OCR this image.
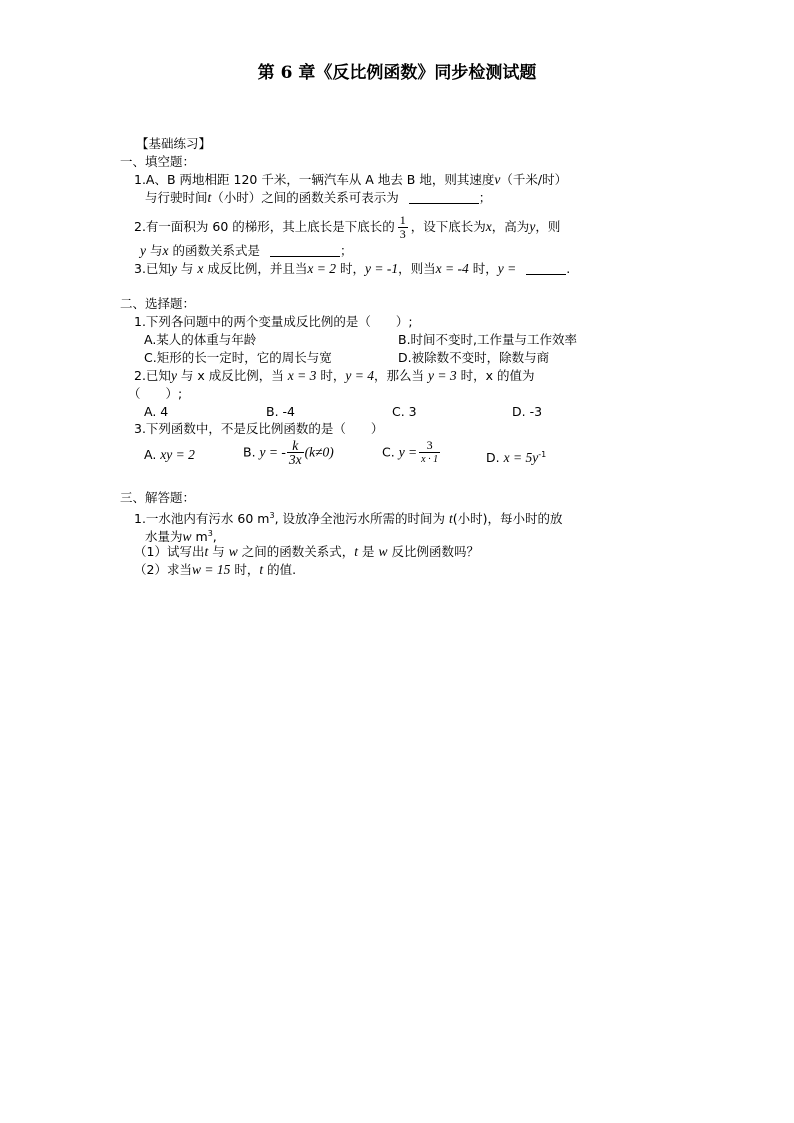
第 6 章《反比例函数》同步检测试题
【基础练习】
一、填空题：
1.A、B 两地相距 120 千米，一辆汽车从 A 地去 B 地，则其速度v（千米/时）
与行驶时间t（小时）之间的函数关系可表示为	；
2.有一面积为 60 的梯形，其上底长是下底长的 $\frac{1}{3}$ ，设下底长为x，高为y，则
y 与x 的函数关系式是	；
3.已知y 与 x 成反比例，并且当x = 2 时，y = -1，则当x = -4 时，y =	.
二、选择题：
1.下列各问题中的两个变量成反比例的是（　　）;
A.某人的体重与年龄	B.时间不变时,工作量与工作效率
C.矩形的长一定时，它的周长与宽	D.被除数不变时，除数与商
2.已知y 与 x 成反比例，当 x = 3 时，y = 4，那么当 y = 3 时，x 的值为
（　　）;
A. 4	B. -4	C. 3	D. -3
3.下列函数中，不是反比例函数的是（　　）
A. xy = 2	B. y = - $\frac{k}{3x} (k\ne 0)$	C. $y = \frac{3}{x \cdot 1}$	D. $x = 5y^{-1}$
三、解答题：
1.一水池内有污水 60 $m^3$, 设放净全池污水所需的时间为 t(小时)，每小时的放
水量为w $m^3$,
（1）试写出t 与 w 之间的函数关系式，t 是 w 反比例函数吗？
（2）求当w = 15 时，t 的值.
